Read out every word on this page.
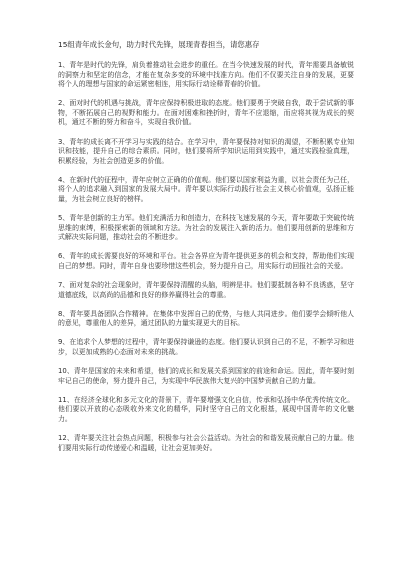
15组青年成长金句，助力时代先锋，展现青春担当，请您惠存
1、青年是时代的先锋，肩负着推动社会进步的重任。在当今快速发展的时代，青年需要具备敏锐的洞察力和坚定的信念，才能在复杂多变的环境中找准方向。他们不仅要关注自身的发展，更要将个人的理想与国家的命运紧密相连，用实际行动诠释青春的价值。
2、面对时代的机遇与挑战，青年应保持积极进取的态度。他们要勇于突破自我，敢于尝试新的事物，不断拓展自己的视野和能力。在面对困难和挫折时，青年不应退缩，而应将其视为成长的契机，通过不断的努力和奋斗，实现自我价值。
3、青年的成长离不开学习与实践的结合。在学习中，青年要保持对知识的渴望，不断积累专业知识和技能，提升自己的综合素质。同时，他们要将所学知识运用到实践中，通过实践检验真理，积累经验，为社会创造更多的价值。
4、在新时代的征程中，青年应树立正确的价值观。他们要以国家利益为重，以社会责任为己任，将个人的追求融入到国家的发展大局中。青年要以实际行动践行社会主义核心价值观，弘扬正能量，为社会树立良好的榜样。
5、青年是创新的主力军。他们充满活力和创造力，在科技飞速发展的今天，青年要敢于突破传统思维的束缚，积极探索新的领域和方法。为社会的发展注入新的活力。他们要用创新的思维和方式解决实际问题，推动社会的不断进步。
6、青年的成长需要良好的环境和平台。社会各界应为青年提供更多的机会和支持，帮助他们实现自己的梦想。同时，青年自身也要珍惜这些机会，努力提升自己，用实际行动回报社会的关爱。
7、面对复杂的社会现象时，青年要保持清醒的头脑，明辨是非。他们要抵制各种不良诱惑，坚守道德底线，以高尚的品德和良好的修养赢得社会的尊重。
8、青年要具备团队合作精神。在集体中发挥自己的优势，与他人共同进步。他们要学会倾听他人的意见，尊重他人的差异，通过团队的力量实现更大的目标。
9、在追求个人梦想的过程中，青年要保持谦逊的态度。他们要认识到自己的不足，不断学习和进步，以更加成熟的心态面对未来的挑战。
10、青年是国家的未来和希望，他们的成长和发展关系到国家的前途和命运。因此，青年要时刻牢记自己的使命，努力提升自己，为实现中华民族伟大复兴的中国梦贡献自己的力量。
11、在经济全球化和多元文化的背景下，青年要增强文化自信，传承和弘扬中华优秀传统文化。他们要以开放的心态吸收外来文化的精华，同时坚守自己的文化根基，展现中国青年的文化魅力。
12、青年要关注社会热点问题，积极参与社会公益活动。为社会的和谐发展贡献自己的力量。他们要用实际行动传递爱心和温暖，让社会更加美好。
